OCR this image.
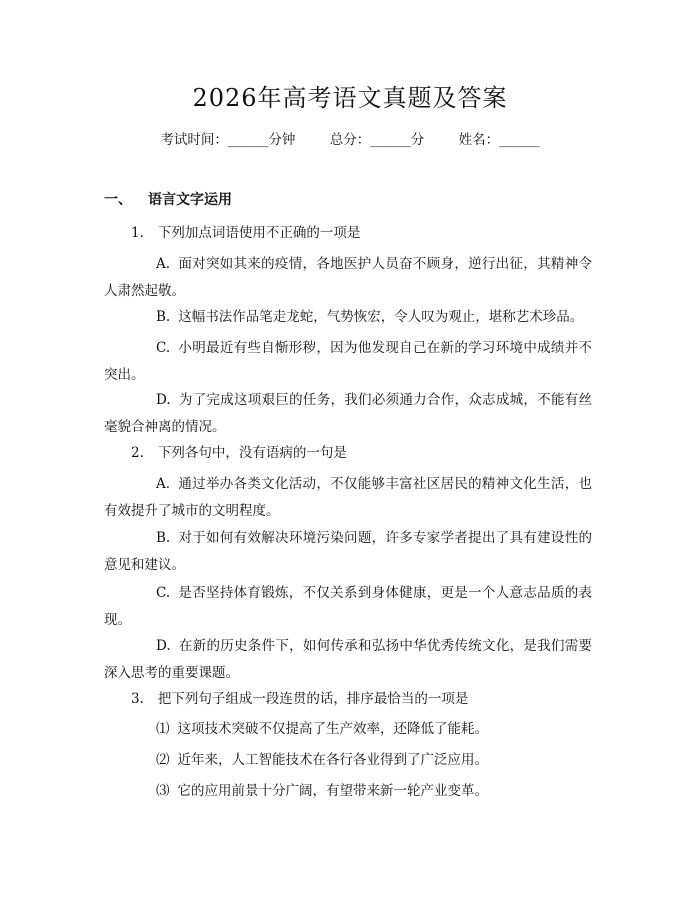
2026年高考语文真题及答案
考试时间：______分钟	总分：______分	姓名：______
一、 语言文字运用
1. 下列加点词语使用不正确的一项是
A. 面对突如其来的疫情，各地医护人员奋不顾身，逆行出征，其精神令人肃然起敬。
B. 这幅书法作品笔走龙蛇，气势恢宏，令人叹为观止，堪称艺术珍品。
C. 小明最近有些自惭形秽，因为他发现自己在新的学习环境中成绩并不突出。
D. 为了完成这项艰巨的任务，我们必须通力合作，众志成城，不能有丝毫貌合神离的情况。
2. 下列各句中，没有语病的一句是
A. 通过举办各类文化活动，不仅能够丰富社区居民的精神文化生活，也有效提升了城市的文明程度。
B. 对于如何有效解决环境污染问题，许多专家学者提出了具有建设性的意见和建议。
C. 是否坚持体育锻炼，不仅关系到身体健康，更是一个人意志品质的表现。
D. 在新的历史条件下，如何传承和弘扬中华优秀传统文化，是我们需要深入思考的重要课题。
3. 把下列句子组成一段连贯的话，排序最恰当的一项是
⑴ 这项技术突破不仅提高了生产效率，还降低了能耗。
⑵ 近年来，人工智能技术在各行各业得到了广泛应用。
⑶ 它的应用前景十分广阔，有望带来新一轮产业变革。
